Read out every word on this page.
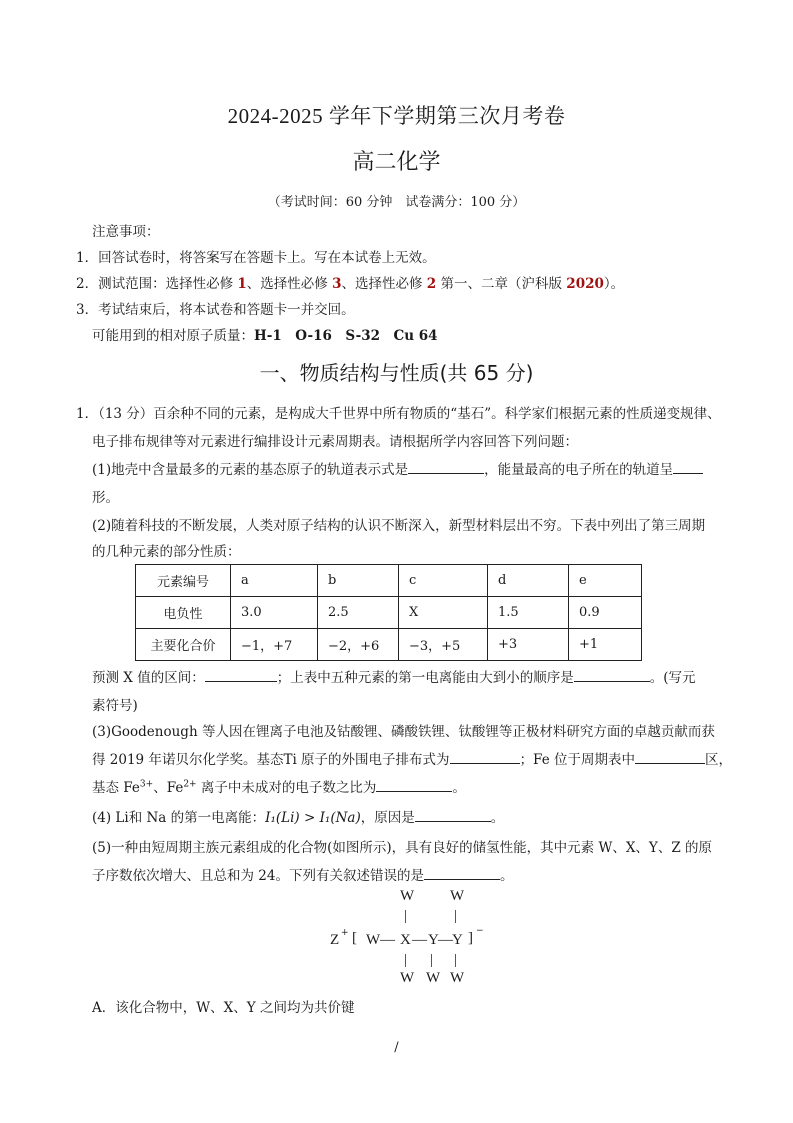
2024-2025 学年下学期第三次月考卷
高二化学
（考试时间：60 分钟　试卷满分：100 分）
注意事项：
1．回答试卷时，将答案写在答题卡上。写在本试卷上无效。
2．测试范围：选择性必修 1、选择性必修 3、选择性必修 2 第一、二章（沪科版 2020）。
3．考试结束后，将本试卷和答题卡一并交回。
可能用到的相对原子质量：H-1　O-16　S-32　Cu 64
一、物质结构与性质(共 65 分)
1．（13 分）百余种不同的元素，是构成大千世界中所有物质的“基石”。科学家们根据元素的性质递变规律、
电子排布规律等对元素进行编排设计元素周期表。请根据所学内容回答下列问题：
(1)地壳中含量最多的元素的基态原子的轨道表示式是	，能量最高的电子所在的轨道呈
形。
(2)随着科技的不断发展，人类对原子结构的认识不断深入，新型材料层出不穷。下表中列出了第三周期
的几种元素的部分性质：
元素编号	a	b	c	d	e
电负性	3.0	2.5	X	1.5	0.9
主要化合价	−1，+7	−2，+6	−3，+5	+3	+1
预测 X 值的区间：	；上表中五种元素的第一电离能由大到小的顺序是	。(写元
素符号)
(3)Goodenough 等人因在锂离子电池及钴酸锂、磷酸铁锂、钛酸锂等正极材料研究方面的卓越贡献而获
得 2019 年诺贝尔化学奖。基态Ti 原子的外围电子排布式为	；Fe 位于周期表中	区，
基态 $Fe^{3+}$、$Fe^{2+}$ 离子中未成对的电子数之比为	。
(4) Li和 Na 的第一电离能：I₁(Li) > I₁(Na)，原因是	。
(5)一种由短周期主族元素组成的化合物(如图所示)，具有良好的储氢性能，其中元素 W、X、Y、Z 的原
子序数依次增大、且总和为 24。下列有关叙述错误的是	。
W W
|	|
Z + [ W — X — Y — Y ] −
| | |
W W W
A．该化合物中，W、X、Y 之间均为共价键
/
